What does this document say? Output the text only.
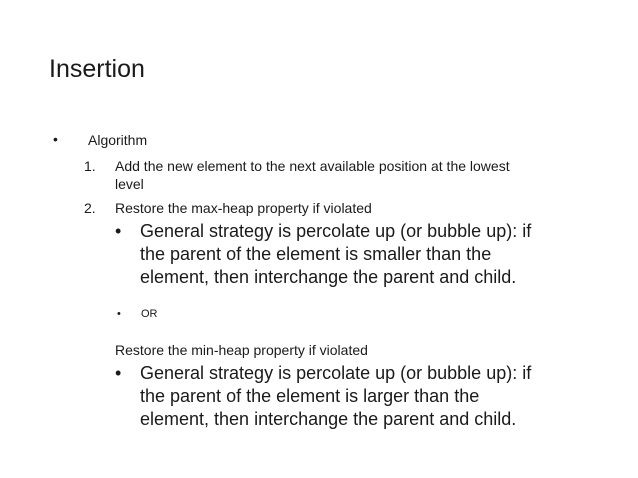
Insertion
• Algorithm
1. Add the new element to the next available position at the lowest
level
2. Restore the max-heap property if violated
• General strategy is percolate up (or bubble up): if
the parent of the element is smaller than the
element, then interchange the parent and child.
• OR
Restore the min-heap property if violated
• General strategy is percolate up (or bubble up): if
the parent of the element is larger than the
element, then interchange the parent and child.
